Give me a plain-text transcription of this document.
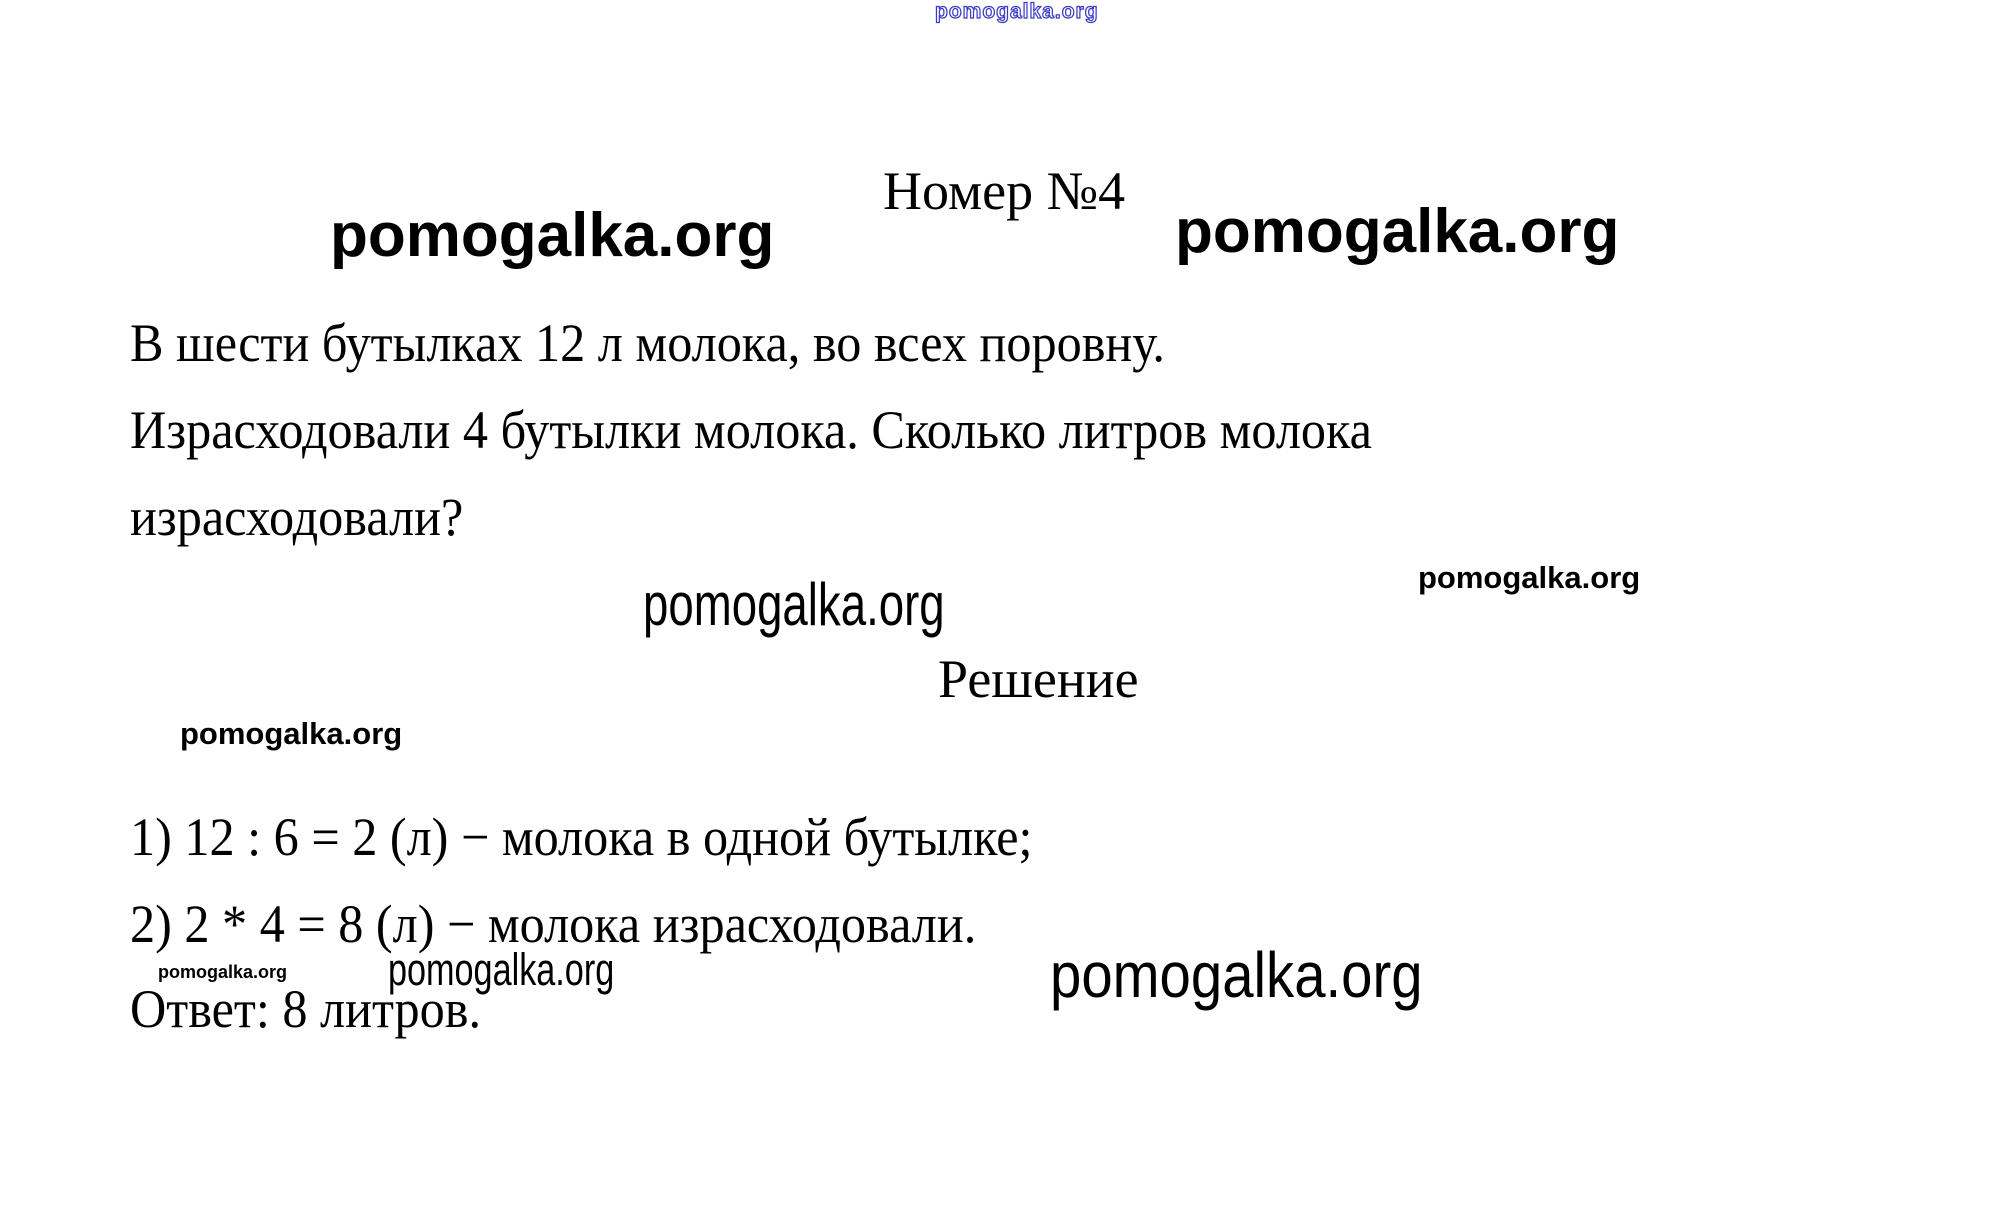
pomogalka.org
Номер №4
pomogalka.org	pomogalka.org
В шести бутылках 12 л молока, во всех поровну.
Израсходовали 4 бутылки молока. Сколько литров молока
израсходовали?
pomogalka.org	pomogalka.org
Решение
pomogalka.org
1) 12 : 6 = 2 (л) − молока в одной бутылке;
2) 2 * 4 = 8 (л) − молока израсходовали.
pomogalka.org pomogalka.org	pomogalka.org
Ответ: 8 литров.
